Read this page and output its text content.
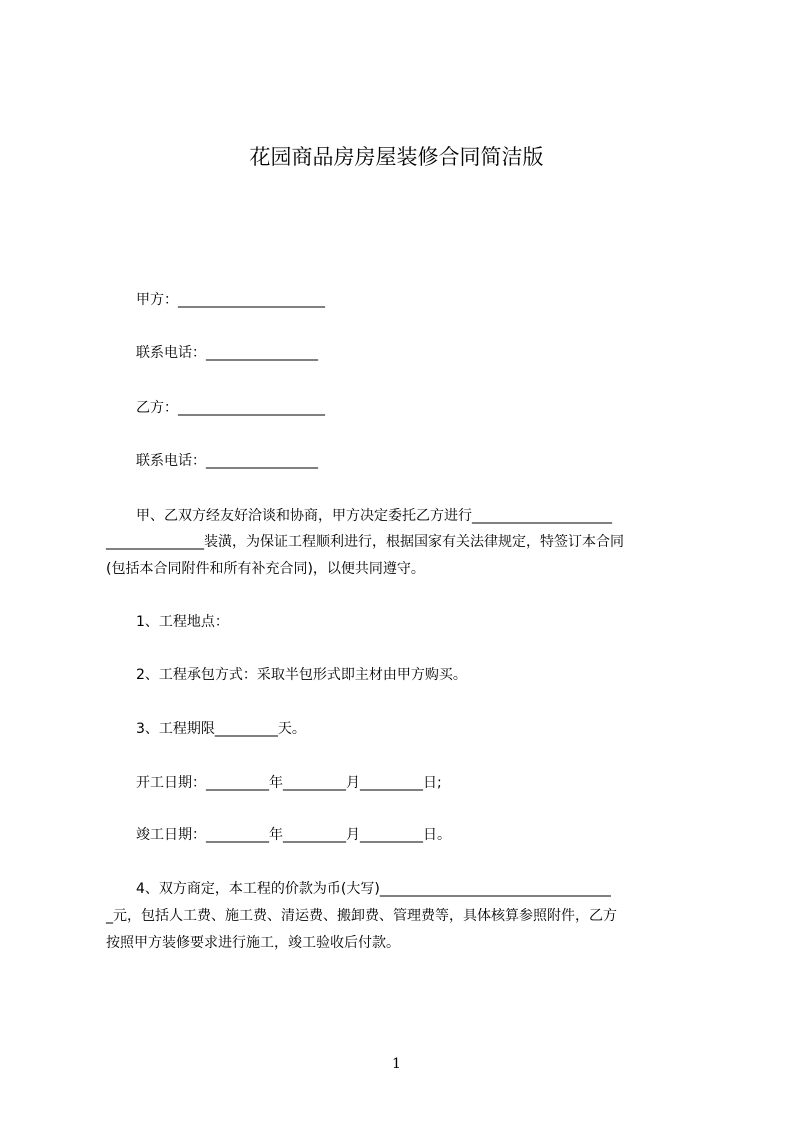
花园商品房房屋装修合同简洁版
甲方：_____________________
联系电话：________________
乙方：_____________________
联系电话：________________
甲、乙双方经友好洽谈和协商，甲方决定委托乙方进行____________________
______________装潢，为保证工程顺利进行，根据国家有关法律规定，特签订本合同
(包括本合同附件和所有补充合同)，以便共同遵守。
1、工程地点：
2、工程承包方式：采取半包形式即主材由甲方购买。
3、工程期限_________天。
开工日期：_________年_________月_________日;
竣工日期：_________年_________月_________日。
4、双方商定，本工程的价款为币(大写)_________________________________
_元，包括人工费、施工费、清运费、搬卸费、管理费等，具体核算参照附件，乙方
按照甲方装修要求进行施工，竣工验收后付款。
1
